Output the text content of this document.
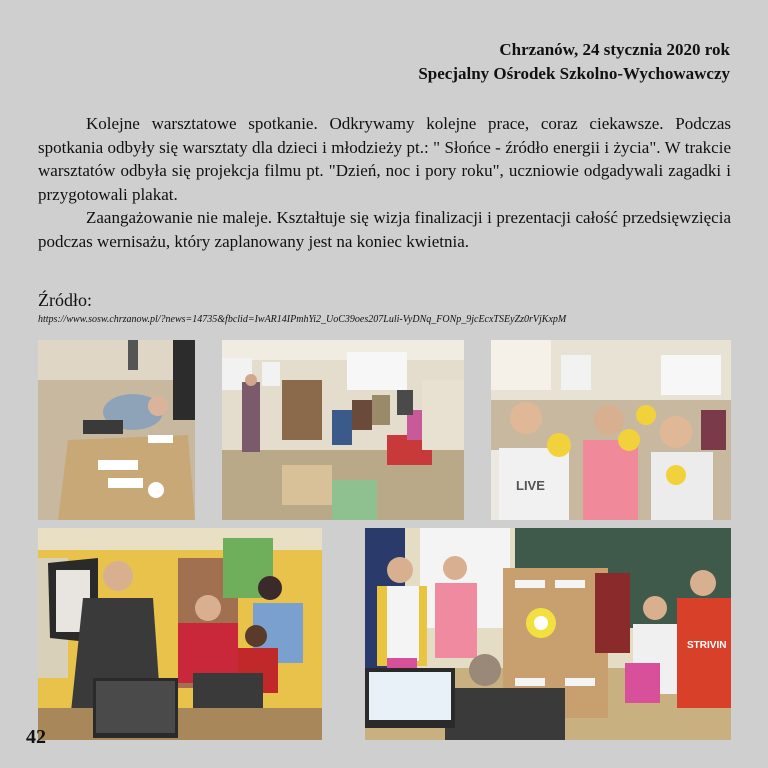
Chrzanów, 24 stycznia 2020 rok
Specjalny Ośrodek Szkolno-Wychowawczy

Kolejne warsztatowe spotkanie. Odkrywamy kolejne prace, coraz ciekawsze. Podczas spotkania odbyły się warsztaty dla dzieci i młodzieży pt.: " Słońce - źródło energii i życia". W trakcie warsztatów odbyła się projekcja filmu pt. "Dzień, noc i pory roku", uczniowie odgadywali zagadki i przygotowali plakat.

Zaangażowanie nie maleje. Kształtuje się wizja finalizacji i prezentacji całość przedsięwzięcia podczas wernisażu, który zaplanowany jest na koniec kwietnia.

Źródło:
https://www.sosw.chrzanow.pl/?news=14735&fbclid=IwAR14IPmhYi2_UoC39oes207Luli-VyDNq_FONp_9jcEcxTSEyZz0rVjKxpM
LIVE
STRIVIN
42
